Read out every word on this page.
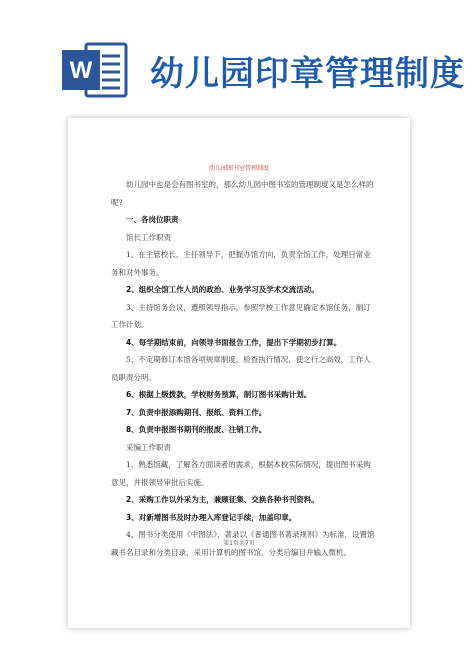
W 幼儿园印章管理制度
幼儿园图书室管理制度

幼儿园中也是会有图书室的，那么幼儿园中图书室的管理制度又是怎么样的呢?

一、各岗位职责

馆长工作职责

1、在主管校长、主任领导下，把握办馆方向，负责全馆工作，处理日常业务和对外事务。

2、组织全馆工作人员的政治、业务学习及学术交流活动。

3、主持馆务会议，遵照领导指示，参照学校工作意见确定本馆任务，制订工作计划。

4、每学期结束前，向领导书面报告工作，提出下学期初步打算。

5、不定期修订本馆各项规章制度，检查执行情况，使之行之高效，工作人员职责分明。

6、根据上级拨款，学校财务预算，制订图书采购计划。

7、负责申报添购期刊、报纸、资料工作。

8、负责申报图书期刊的报废、注销工作。

采编工作职责

1、熟悉馆藏，了解各方面读者的需求，根据本校实际情况，提出图书采购意见，并报领导审批后实施。

2、采购工作以外采为主，兼顾征集、交换各种书刊资料。

3、对新增图书及时办理入库登记手续，加盖印章。

4、图书分类使用《中图法》，著录以《普通图书著录规则》为标准，设置馆藏书名目录和分类目录，采用计算机的图书馆，分类后编目并输入微机。

第1页共7页
